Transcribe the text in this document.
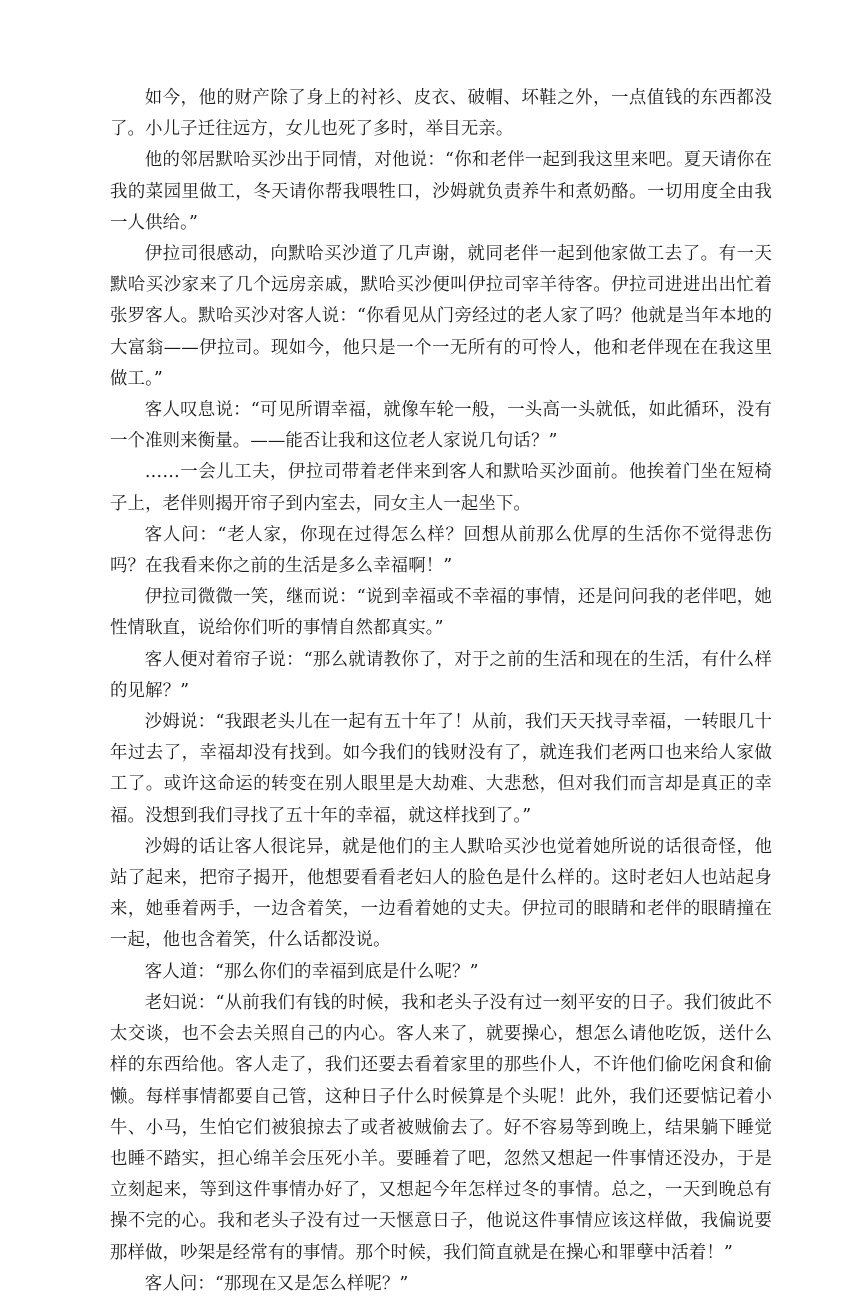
如今，他的财产除了身上的衬衫、皮衣、破帽、坏鞋之外，一点值钱的东西都没了。小儿子迁往远方，女儿也死了多时，举目无亲。

他的邻居默哈买沙出于同情，对他说：“你和老伴一起到我这里来吧。夏天请你在我的菜园里做工，冬天请你帮我喂牲口，沙姆就负责养牛和煮奶酪。一切用度全由我一人供给。”

伊拉司很感动，向默哈买沙道了几声谢，就同老伴一起到他家做工去了。有一天默哈买沙家来了几个远房亲戚，默哈买沙便叫伊拉司宰羊待客。伊拉司进进出出忙着张罗客人。默哈买沙对客人说：“你看见从门旁经过的老人家了吗？他就是当年本地的大富翁——伊拉司。现如今，他只是一个一无所有的可怜人，他和老伴现在在我这里做工。”

客人叹息说：“可见所谓幸福，就像车轮一般，一头高一头就低，如此循环，没有一个准则来衡量。——能否让我和这位老人家说几句话？”

……一会儿工夫，伊拉司带着老伴来到客人和默哈买沙面前。他挨着门坐在短椅子上，老伴则揭开帘子到内室去，同女主人一起坐下。

客人问：“老人家，你现在过得怎么样？回想从前那么优厚的生活你不觉得悲伤吗？在我看来你之前的生活是多么幸福啊！”

伊拉司微微一笑，继而说：“说到幸福或不幸福的事情，还是问问我的老伴吧，她性情耿直，说给你们听的事情自然都真实。”

客人便对着帘子说：“那么就请教你了，对于之前的生活和现在的生活，有什么样的见解？”

沙姆说：“我跟老头儿在一起有五十年了！从前，我们天天找寻幸福，一转眼几十年过去了，幸福却没有找到。如今我们的钱财没有了，就连我们老两口也来给人家做工了。或许这命运的转变在别人眼里是大劫难、大悲愁，但对我们而言却是真正的幸福。没想到我们寻找了五十年的幸福，就这样找到了。”

沙姆的话让客人很诧异，就是他们的主人默哈买沙也觉着她所说的话很奇怪，他站了起来，把帘子揭开，他想要看看老妇人的脸色是什么样的。这时老妇人也站起身来，她垂着两手，一边含着笑，一边看着她的丈夫。伊拉司的眼睛和老伴的眼睛撞在一起，他也含着笑，什么话都没说。

客人道：“那么你们的幸福到底是什么呢？”

老妇说：“从前我们有钱的时候，我和老头子没有过一刻平安的日子。我们彼此不太交谈，也不会去关照自己的内心。客人来了，就要操心，想怎么请他吃饭，送什么样的东西给他。客人走了，我们还要去看着家里的那些仆人，不许他们偷吃闲食和偷懒。每样事情都要自己管，这种日子什么时候算是个头呢！此外，我们还要惦记着小牛、小马，生怕它们被狼掠去了或者被贼偷去了。好不容易等到晚上，结果躺下睡觉也睡不踏实，担心绵羊会压死小羊。要睡着了吧，忽然又想起一件事情还没办，于是立刻起来，等到这件事情办好了，又想起今年怎样过冬的事情。总之，一天到晚总有操不完的心。我和老头子没有过一天惬意日子，他说这件事情应该这样做，我偏说要那样做，吵架是经常有的事情。那个时候，我们简直就是在操心和罪孽中活着！”

客人问：“那现在又是怎么样呢？”
